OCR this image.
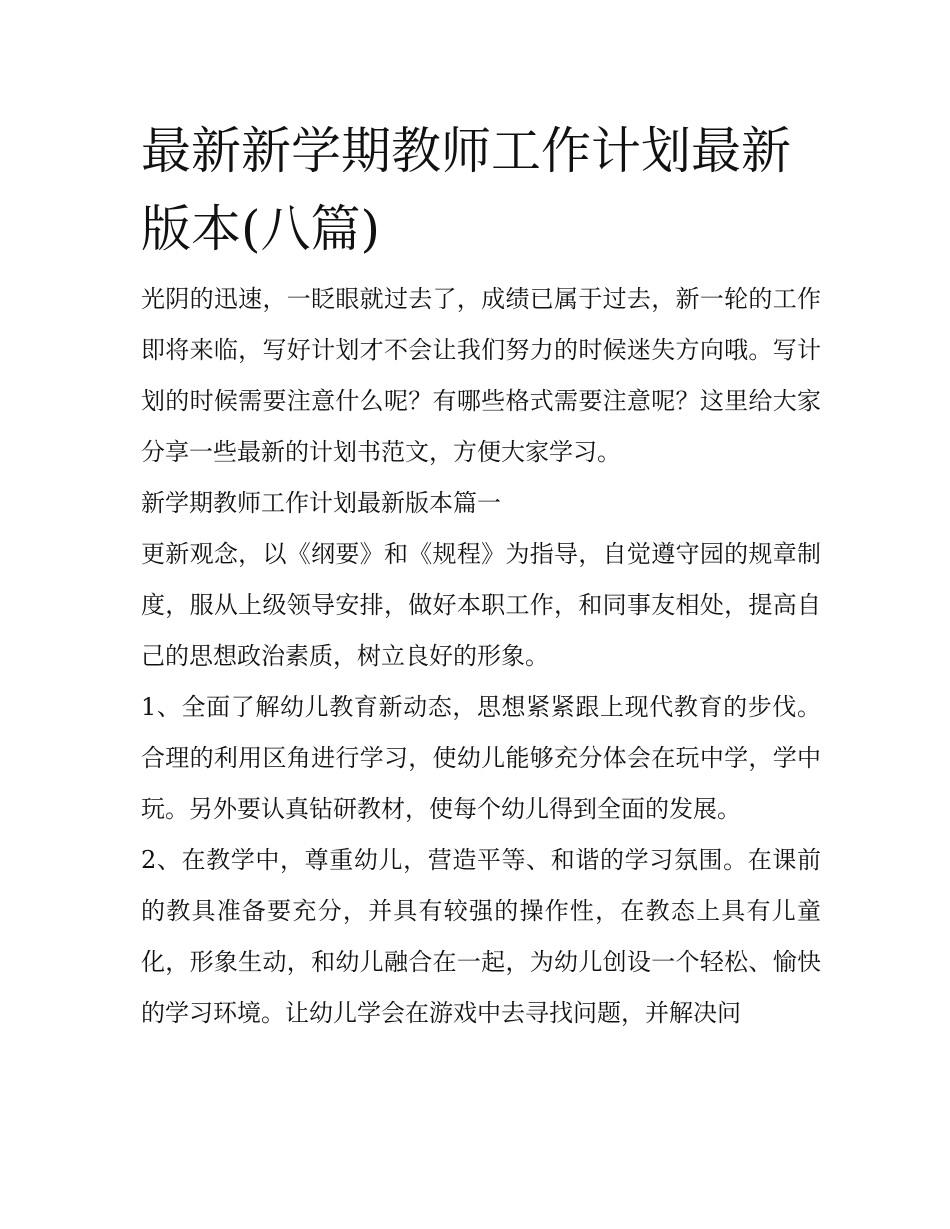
最新新学期教师工作计划最新版本(八篇)

光阴的迅速，一眨眼就过去了，成绩已属于过去，新一轮的工作即将来临，写好计划才不会让我们努力的时候迷失方向哦。写计划的时候需要注意什么呢？有哪些格式需要注意呢？这里给大家分享一些最新的计划书范文，方便大家学习。

新学期教师工作计划最新版本篇一

更新观念，以《纲要》和《规程》为指导，自觉遵守园的规章制度，服从上级领导安排，做好本职工作，和同事友相处，提高自己的思想政治素质，树立良好的形象。

1、全面了解幼儿教育新动态，思想紧紧跟上现代教育的步伐。合理的利用区角进行学习，使幼儿能够充分体会在玩中学，学中玩。另外要认真钻研教材，使每个幼儿得到全面的发展。

2、在教学中，尊重幼儿，营造平等、和谐的学习氛围。在课前的教具准备要充分，并具有较强的操作性，在教态上具有儿童化，形象生动，和幼儿融合在一起，为幼儿创设一个轻松、愉快的学习环境。让幼儿学会在游戏中去寻找问题，并解决问
